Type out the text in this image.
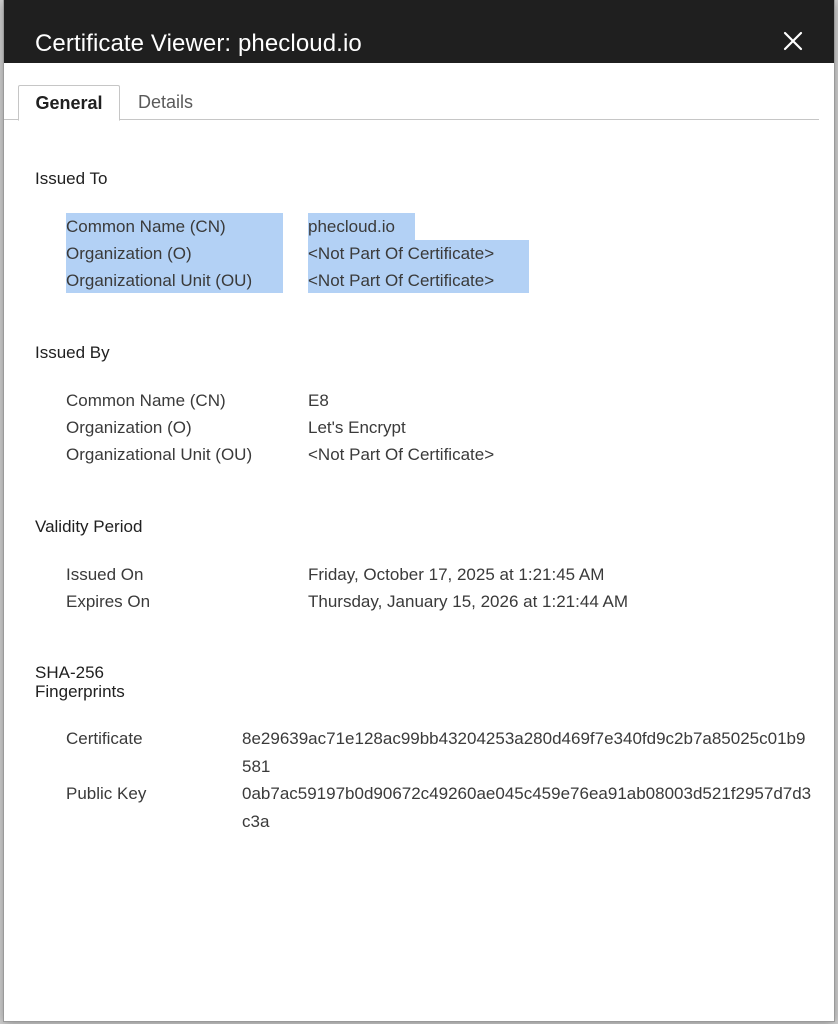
Certificate Viewer: phecloud.io
General	Details
Issued To
Common Name (CN)	phecloud.io
Organization (O)	<Not Part Of Certificate>
Organizational Unit (OU)	<Not Part Of Certificate>
Issued By
Common Name (CN)	E8
Organization (O)	Let's Encrypt
Organizational Unit (OU)	<Not Part Of Certificate>
Validity Period
Issued On	Friday, October 17, 2025 at 1:21:45 AM
Expires On	Thursday, January 15, 2026 at 1:21:44 AM
SHA-256
Fingerprints
Certificate	8e29639ac71e128ac99bb43204253a280d469f7e340fd9c2b7a85025c01b9581
Public Key	0ab7ac59197b0d90672c49260ae045c459e76ea91ab08003d521f2957d7d3c3a
